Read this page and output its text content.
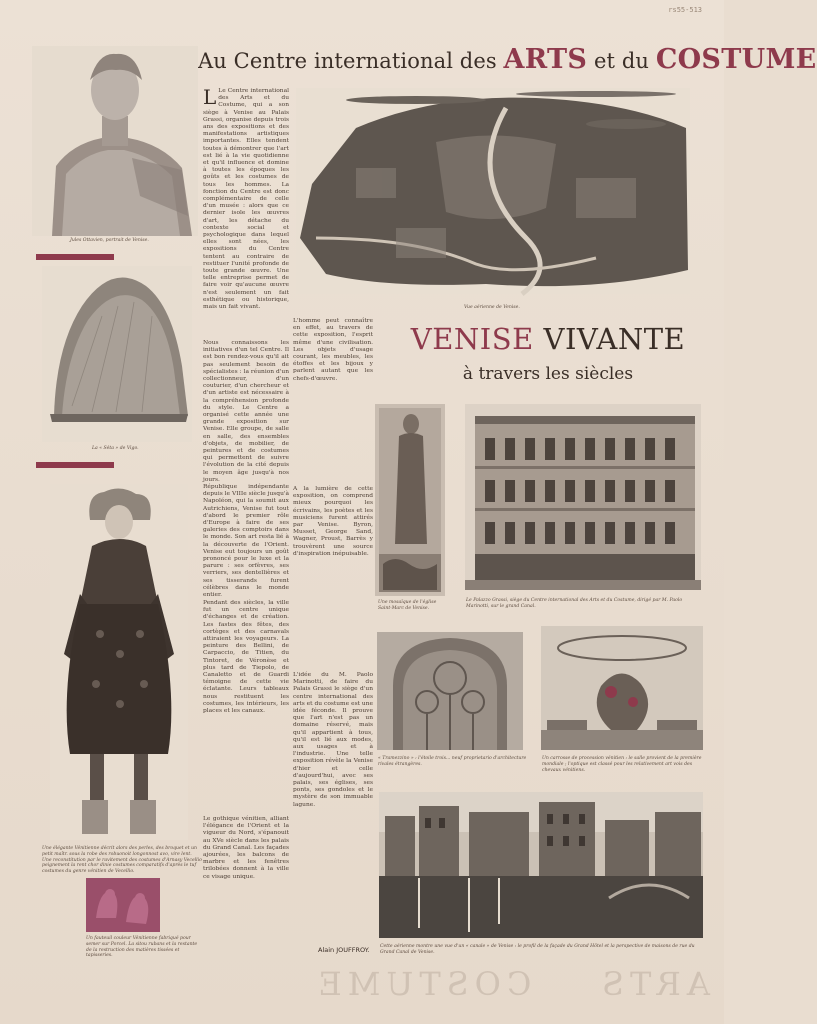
rs55-513
Au Centre international des ARTS et du COSTUME
Jules Ottavien, portrait de Venise.
La « Séta » de Vigo.
Une élégante Vénitienne décrit alors des perles, des broquet et un petit maîtr. sous la robe des robuonoit longonnost avo, vire lent. Une reconstitution par le ravitement des costumes d'Arnasy Vecellio peignement la rent chor dinie costumes comparatifs d'après le tuf costumes du genre vénitien de Vecellio.
Un fauteuil couleur Vénitienne fabriqué pour semer sur Porcel. La sitou rubans et la restante de la restruction des matières tissées et tapisseries.
Vue aérienne de Venise.
VENISE VIVANTE
à travers les siècles
Une mosaïque de l'église Saint-Marc de Venise.
Le Palazzo Grassi, siège du Centre international des Arts et du Costume, dirigé par M. Paolo Marinotti, sur le grand Canal.
« Tramezzino » : l'étoile trois... neuf proprietario d'architecture rivales étrangères.
Un carrosse de procession vénitien : le salle provient de la première mondiale ; l'optique est classé pour les relativement art vois des chevaux vénitiens.
Cette aérienne montre une vue d'un « canale » de Venise : le profil de la façade du Grand Hôtel et la perspective de maisons de rue du Grand Canal de Venise.
L Le Centre international des Arts et du Costume, qui a son siège à Venise au Palais Grassi, organise depuis trois ans des expositions et des manifestations artistiques importantes. Elles tendent toutes à démontrer que l'art est lié à la vie quotidienne et qu'il influence et domine à toutes les époques les goûts et les costumes de tous les hommes. La fonction du Centre est donc complémentaire de celle d'un musée : alors que ce dernier isole les œuvres d'art, les détache du contexte social et psychologique dans lequel elles sont nées, les expositions du Centre tentent au contraire de restituer l'unité profonde de toute grande œuvre. Une telle entreprise permet de faire voir qu'aucune œuvre n'est seulement un fait esthétique ou historique, mais un fait vivant.
Nous connaissons les initiatives d'un tel Centre. Il est bon rendez-vous qu'il ait pas seulement besoin de spécialistes : la réunion d'un collectionneur, d'un couturier, d'un chercheur et d'un artiste est nécessaire à la compréhension profonde du style. Le Centre a organisé cette année une grande exposition sur Venise. Elle groupe, de salle en salle, des ensembles d'objets, de mobilier, de peintures et de costumes qui permettent de suivre l'évolution de la cité depuis le moyen âge jusqu'à nos jours.
République indépendante depuis le VIIIe siècle jusqu'à Napoléon, qui la soumit aux Autrichiens, Venise fut tout d'abord le premier rôle d'Europe à faire de ses galeries des comptoirs dans le monde. Son art resta lié à la découverte de l'Orient. Venise eut toujours un goût prononcé pour le luxe et la parure : ses orfèvres, ses verriers, ses dentellières et ses tisserands furent célèbres dans le monde entier.
Pendant des siècles, la ville fut un centre unique d'échanges et de création. Les fastes des fêtes, des cortèges et des carnavals attiraient les voyageurs. La peinture des Bellini, de Carpaccio, de Titien, du Tintoret, de Véronèse et plus tard de Tiepolo, de Canaletto et de Guardi témoigne de cette vie éclatante. Leurs tableaux nous restituent les costumes, les intérieurs, les places et les canaux.
Le gothique vénitien, alliant l'élégance de l'Orient et la vigueur du Nord, s'épanouit au XVe siècle dans les palais du Grand Canal. Les façades ajourées, les balcons de marbre et les fenêtres trilobées donnent à la ville ce visage unique.
L'homme peut connaître en effet, au travers de cette exposition, l'esprit même d'une civilisation. Les objets d'usage courant, les meubles, les étoffes et les bijoux y parlent autant que les chefs-d'œuvre.
A la lumière de cette exposition, on comprend mieux pourquoi les écrivains, les poètes et les musiciens furent attirés par Venise. Byron, Musset, George Sand, Wagner, Proust, Barrès y trouvèrent une source d'inspiration inépuisable.
L'idée du M. Paolo Marinotti, de faire du Palais Grassi le siège d'un centre international des arts et du costume est une idée féconde. Il prouve que l'art n'est pas un domaine réservé, mais qu'il appartient à tous, qu'il est lié aux modes, aux usages et à l'industrie. Une telle exposition révèle la Venise d'hier et celle d'aujourd'hui, avec ses palais, ses églises, ses ponts, ses gondoles et le mystère de son immuable lagune.
Alain JOUFFROY.
ARTS    COSTUME
